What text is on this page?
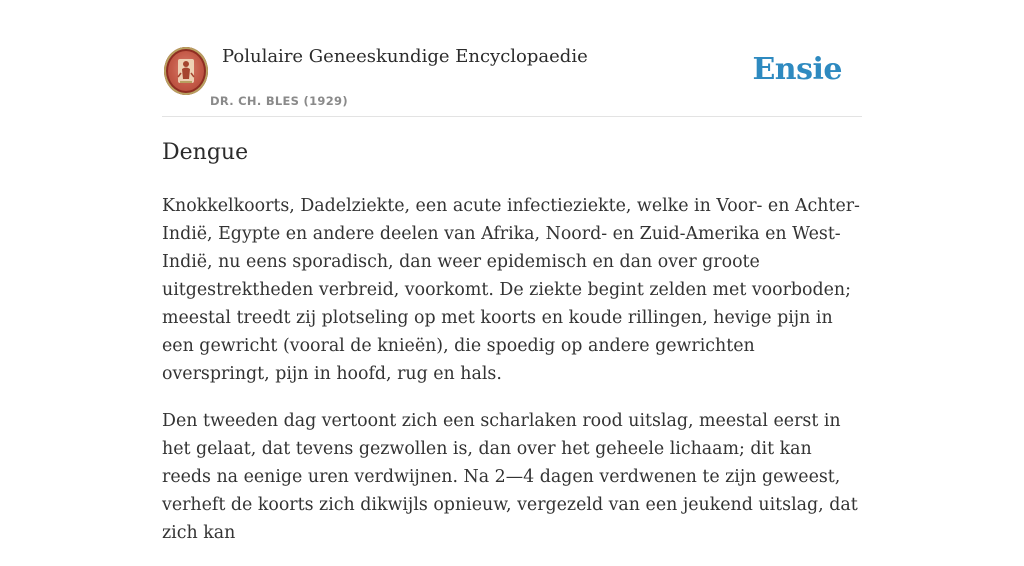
Polulaire Geneeskundige Encyclopaedie
DR. CH. BLES (1929)
Ensie
Dengue

Knokkelkoorts, Dadelziekte, een acute infectieziekte, welke in Voor- en Achter-Indië, Egypte en andere deelen van Afrika, Noord- en Zuid-Amerika en West-Indië, nu eens sporadisch, dan weer epidemisch en dan over groote uitgestrektheden verbreid, voorkomt. De ziekte begint zelden met voorboden; meestal treedt zij plotseling op met koorts en koude rillingen, hevige pijn in een gewricht (vooral de knieën), die spoedig op andere gewrichten overspringt, pijn in hoofd, rug en hals.

Den tweeden dag vertoont zich een scharlaken rood uitslag, meestal eerst in het gelaat, dat tevens gezwollen is, dan over het geheele lichaam; dit kan reeds na eenige uren verdwijnen. Na 2—4 dagen verdwenen te zijn geweest, verheft de koorts zich dikwijls opnieuw, vergezeld van een jeukend uitslag, dat zich kan
